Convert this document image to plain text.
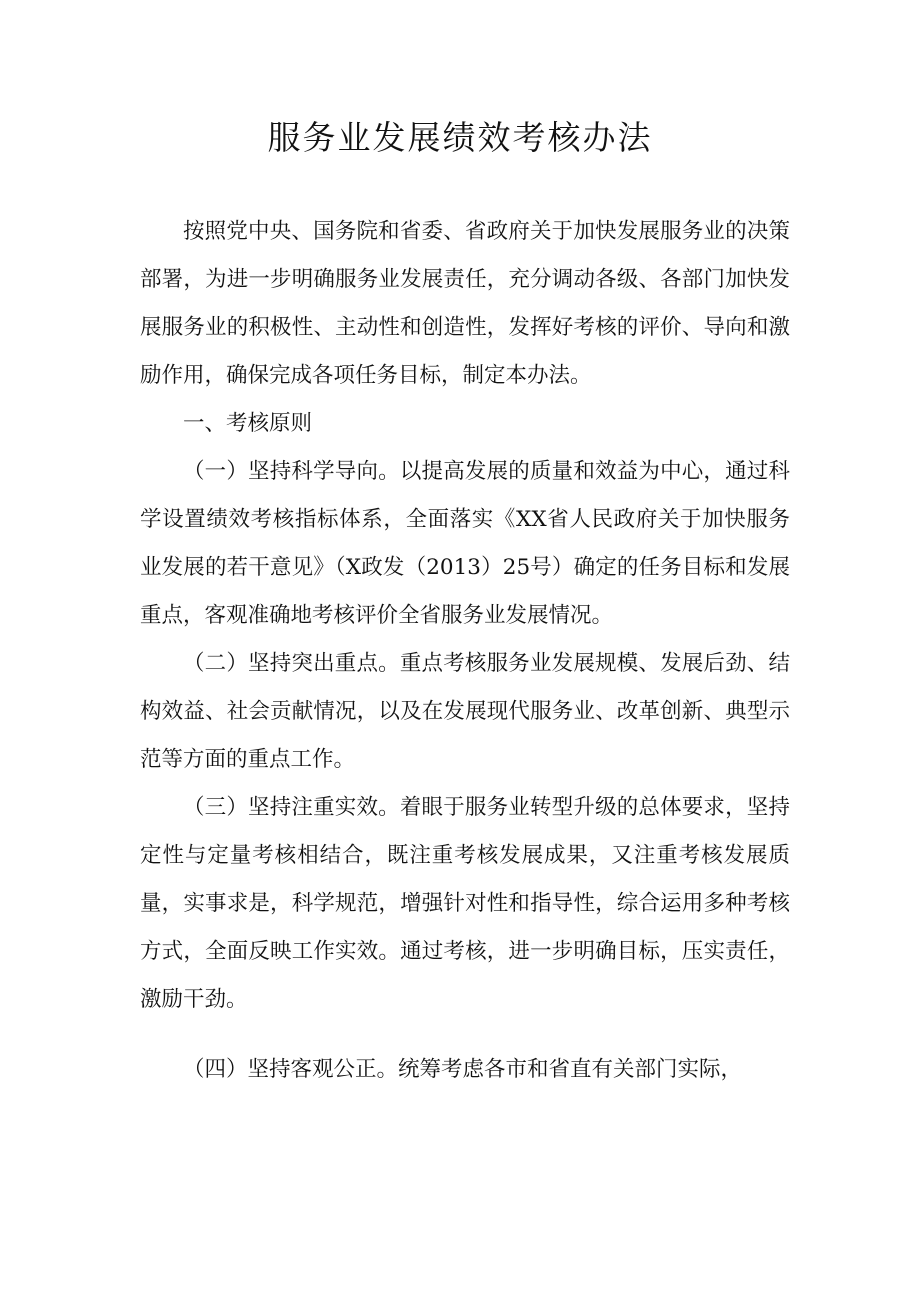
服务业发展绩效考核办法

按照党中央、国务院和省委、省政府关于加快发展服务业的决策部署，为进一步明确服务业发展责任，充分调动各级、各部门加快发展服务业的积极性、主动性和创造性，发挥好考核的评价、导向和激励作用，确保完成各项任务目标，制定本办法。

一、考核原则

（一）坚持科学导向。以提高发展的质量和效益为中心，通过科学设置绩效考核指标体系，全面落实《XX省人民政府关于加快服务业发展的若干意见》（X政发（2013）25号）确定的任务目标和发展重点，客观准确地考核评价全省服务业发展情况。

（二）坚持突出重点。重点考核服务业发展规模、发展后劲、结构效益、社会贡献情况，以及在发展现代服务业、改革创新、典型示范等方面的重点工作。

（三）坚持注重实效。着眼于服务业转型升级的总体要求，坚持定性与定量考核相结合，既注重考核发展成果，又注重考核发展质量，实事求是，科学规范，增强针对性和指导性，综合运用多种考核方式，全面反映工作实效。通过考核，进一步明确目标，压实责任，激励干劲。

（四）坚持客观公正。统筹考虑各市和省直有关部门实际，
